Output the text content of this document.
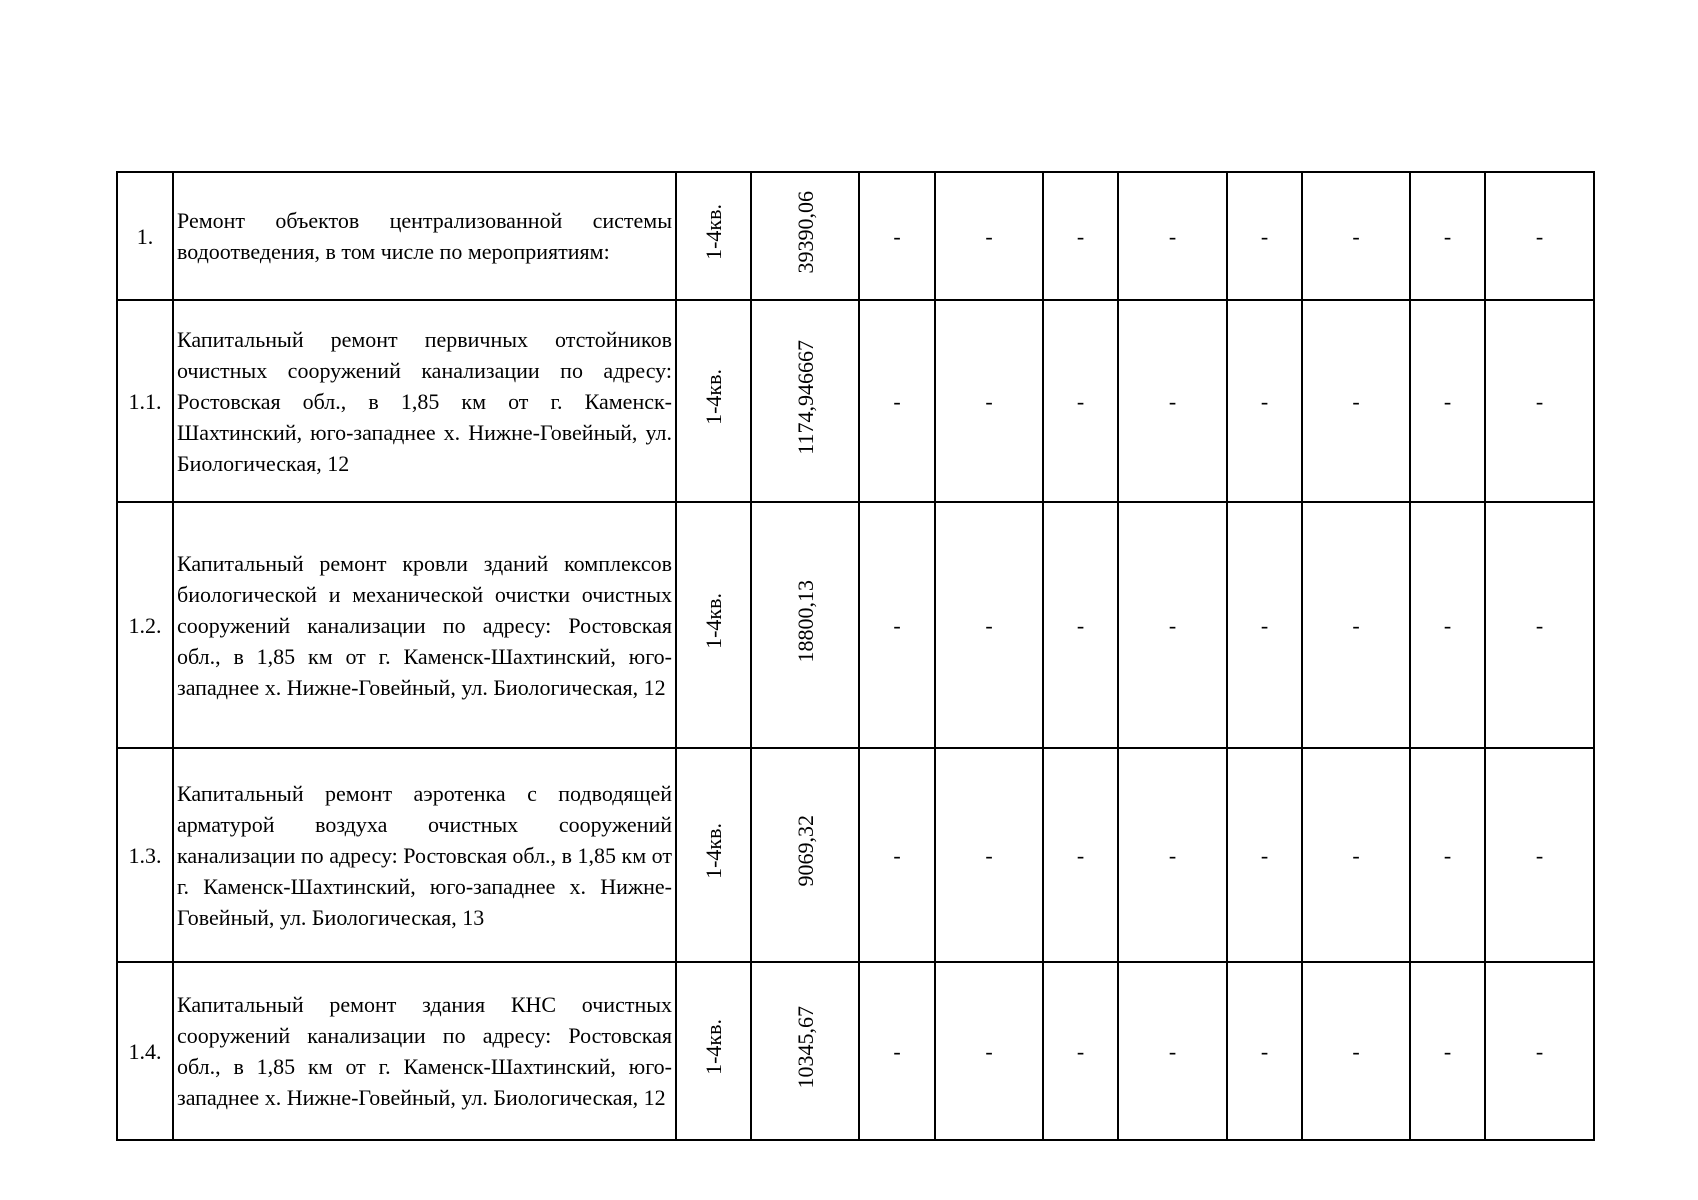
1.	Ремонт объектов централизованной системы водоотведения, в том числе по мероприятиям:	1-4кв.	39390,06	-	-	-	-	-	-	-	-
1.1.	Капитальный ремонт первичных отстойников очистных сооружений канализации по адресу: Ростовская обл., в 1,85 км от г. Каменск-Шахтинский, юго-западнее х. Нижне-Говейный, ул. Биологическая, 12	1-4кв.	1174,946667	-	-	-	-	-	-	-	-
1.2.	Капитальный ремонт кровли зданий комплексов биологической и механической очистки очистных сооружений канализации по адресу: Ростовская обл., в 1,85 км от г. Каменск-Шахтинский, юго-западнее х. Нижне-Говейный, ул. Биологическая, 12	1-4кв.	18800,13	-	-	-	-	-	-	-	-
1.3.	Капитальный ремонт аэротенка с подводящей арматурой воздуха очистных сооружений канализации по адресу: Ростовская обл., в 1,85 км от г. Каменск-Шахтинский, юго-западнее х. Нижне-Говейный, ул. Биологическая, 13	1-4кв.	9069,32	-	-	-	-	-	-	-	-
1.4.	Капитальный ремонт здания КНС очистных сооружений канализации по адресу: Ростовская обл., в 1,85 км от г. Каменск-Шахтинский, юго-западнее х. Нижне-Говейный, ул. Биологическая, 12	1-4кв.	10345,67	-	-	-	-	-	-	-	-
